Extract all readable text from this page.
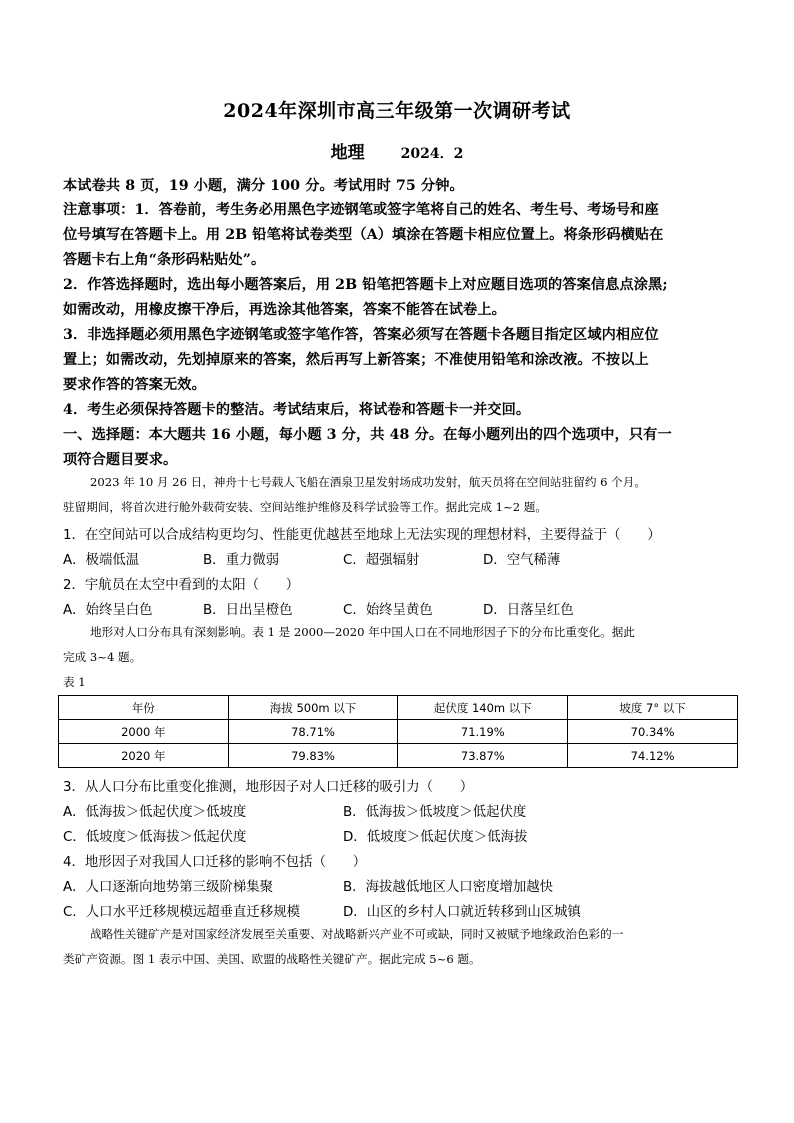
2024年深圳市高三年级第一次调研考试
地理	2024．2
本试卷共 8 页，19 小题，满分 100 分。考试用时 75 分钟。
注意事项：1．答卷前，考生务必用黑色字迹钢笔或签字笔将自己的姓名、考生号、考场号和座
位号填写在答题卡上。用 2B 铅笔将试卷类型（A）填涂在答题卡相应位置上。将条形码横贴在
答题卡右上角“条形码粘贴处”。
2．作答选择题时，选出每小题答案后，用 2B 铅笔把答题卡上对应题目选项的答案信息点涂黑;
如需改动，用橡皮擦干净后，再选涂其他答案，答案不能答在试卷上。
3．非选择题必须用黑色字迹钢笔或签字笔作答，答案必须写在答题卡各题目指定区域内相应位
置上；如需改动，先划掉原来的答案，然后再写上新答案；不准使用铅笔和涂改液。不按以上
要求作答的答案无效。
4．考生必须保持答题卡的整洁。考试结束后，将试卷和答题卡一并交回。
一、选择题：本大题共 16 小题，每小题 3 分，共 48 分。在每小题列出的四个选项中，只有一
项符合题目要求。
2023 年 10 月 26 日，神舟十七号载人飞船在酒泉卫星发射场成功发射，航天员将在空间站驻留约 6 个月。
驻留期间，将首次进行舱外载荷安装、空间站维护维修及科学试验等工作。据此完成 1~2 题。
1．在空间站可以合成结构更均匀、性能更优越甚至地球上无法实现的理想材料，主要得益于（　　）
A．极端低温	B．重力微弱	C．超强辐射	D．空气稀薄
2．宇航员在太空中看到的太阳（　　）
A．始终呈白色	B．日出呈橙色	C．始终呈黄色	D．日落呈红色
地形对人口分布具有深刻影响。表 1 是 2000—2020 年中国人口在不同地形因子下的分布比重变化。据此
完成 3~4 题。
表 1
年份	海拔 500m 以下	起伏度 140m 以下	坡度 7° 以下
2000 年	78.71%	71.19%	70.34%
2020 年	79.83%	73.87%	74.12%
3．从人口分布比重变化推测，地形因子对人口迁移的吸引力（　　）
A．低海拔＞低起伏度＞低坡度	B．低海拔＞低坡度＞低起伏度
C．低坡度＞低海拔＞低起伏度	D．低坡度＞低起伏度＞低海拔
4．地形因子对我国人口迁移的影响不包括（　　）
A．人口逐渐向地势第三级阶梯集聚	B．海拔越低地区人口密度增加越快
C．人口水平迁移规模远超垂直迁移规模	D．山区的乡村人口就近转移到山区城镇
战略性关键矿产是对国家经济发展至关重要、对战略新兴产业不可或缺，同时又被赋予地缘政治色彩的一
类矿产资源。图 1 表示中国、美国、欧盟的战略性关键矿产。据此完成 5~6 题。
